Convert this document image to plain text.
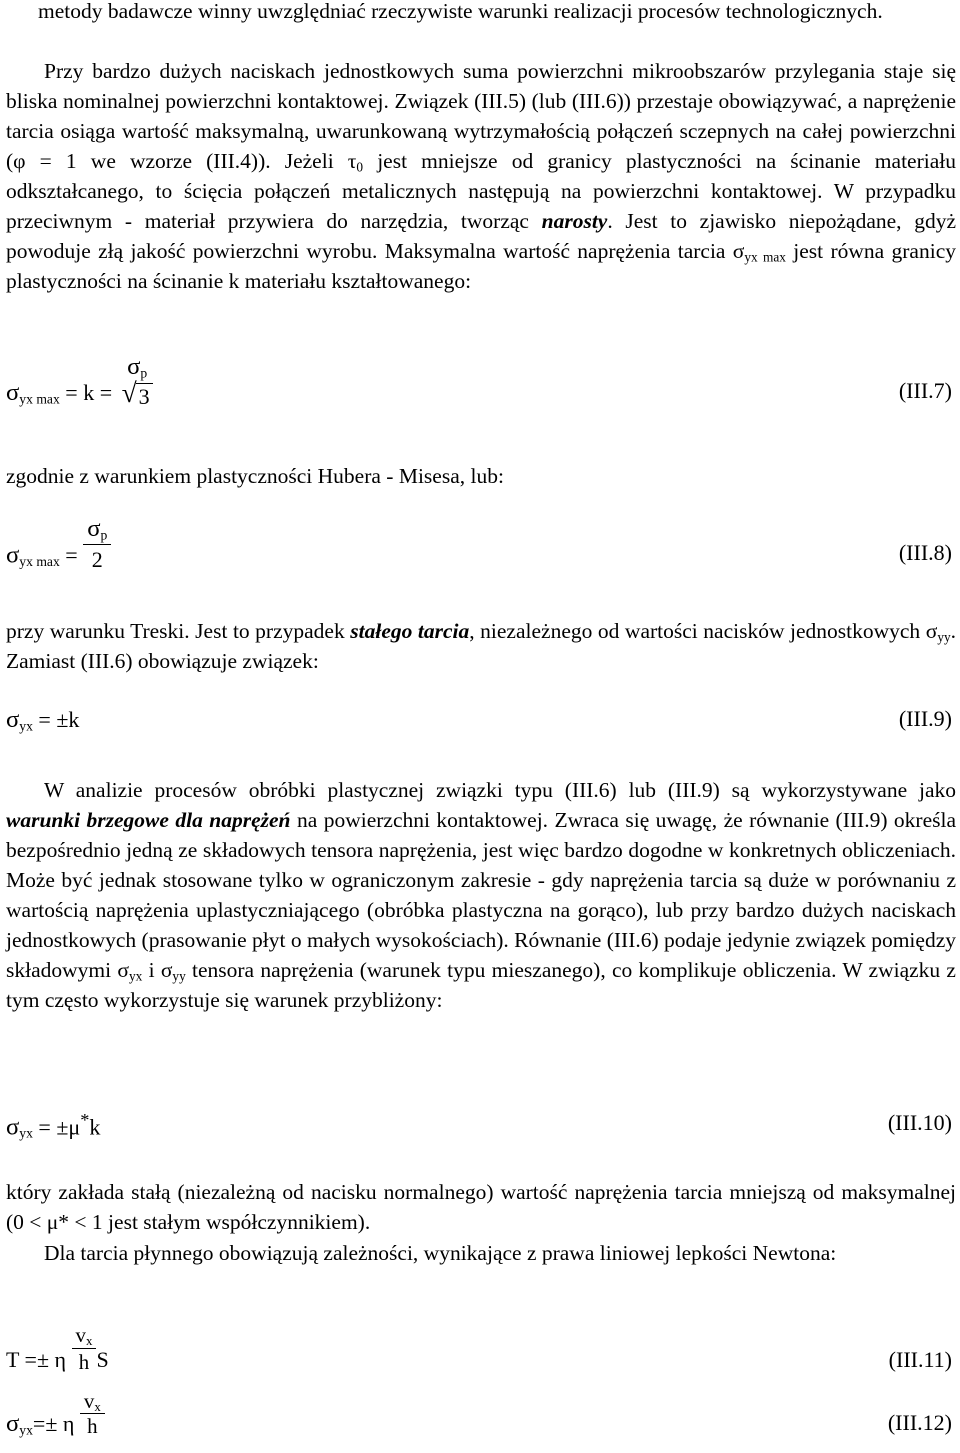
metody badawcze winny uwzględniać rzeczywiste warunki realizacji procesów technologicznych.

Przy bardzo dużych naciskach jednostkowych suma powierzchni mikroobszarów przylegania staje się bliska nominalnej powierzchni kontaktowej. Związek (III.5) (lub (III.6)) przestaje obowiązywać, a naprężenie tarcia osiąga wartość maksymalną, uwarunkowaną wytrzymałością połączeń sczepnych na całej powierzchni (φ = 1 we wzorze (III.4)). Jeżeli $\tau_0$ jest mniejsze od granicy plastyczności na ścinanie materiału odkształcanego, to ścięcia połączeń metalicznych następują na powierzchni kontaktowej. W przypadku przeciwnym - materiał przywiera do narzędzia, tworząc narosty. Jest to zjawisko niepożądane, gdyż powoduje złą jakość powierzchni wyrobu. Maksymalna wartość naprężenia tarcia $\sigma_{yx max}$ jest równa granicy plastyczności na ścinanie k materiału kształtowanego:

$\sigma_{yx max} = k$ =
$\sigma_p$
√ 3	(III.7)

zgodnie z warunkiem plastyczności Hubera - Misesa, lub:

$\sigma_{yx max} = \frac{\sigma_p}{2}$	(III.8)

przy warunku Treski. Jest to przypadek stałego tarcia, niezależnego od wartości nacisków jednostkowych $\sigma_{yy}$. Zamiast (III.6) obowiązuje związek:

$\sigma_{yx} = \pm k$	(III.9)

W analizie procesów obróbki plastycznej związki typu (III.6) lub (III.9) są wykorzystywane jako warunki brzegowe dla naprężeń na powierzchni kontaktowej. Zwraca się uwagę, że równanie (III.9) określa bezpośrednio jedną ze składowych tensora naprężenia, jest więc bardzo dogodne w konkretnych obliczeniach. Może być jednak stosowane tylko w ograniczonym zakresie - gdy naprężenia tarcia są duże w porównaniu z wartością naprężenia uplastyczniającego (obróbka plastyczna na gorąco), lub przy bardzo dużych naciskach jednostkowych (prasowanie płyt o małych wysokościach). Równanie (III.6) podaje jedynie związek pomiędzy składowymi $\sigma_{yx}$ i $\sigma_{yy}$ tensora naprężenia (warunek typu mieszanego), co komplikuje obliczenia. W związku z tym często wykorzystuje się warunek przybliżony:

$\sigma_{yx} = \pm\mu^*k$	(III.10)

który zakłada stałą (niezależną od nacisku normalnego) wartość naprężenia tarcia mniejszą od maksymalnej (0 < μ* < 1 jest stałym współczynnikiem).

Dla tarcia płynnego obowiązują zależności, wynikające z prawa liniowej lepkości Newtona:

T =± η $\frac{v_x}{h}$ S	(III.11)
$\sigma_{yx}=\pm \eta \frac{v_x}{h}$	(III.12)
